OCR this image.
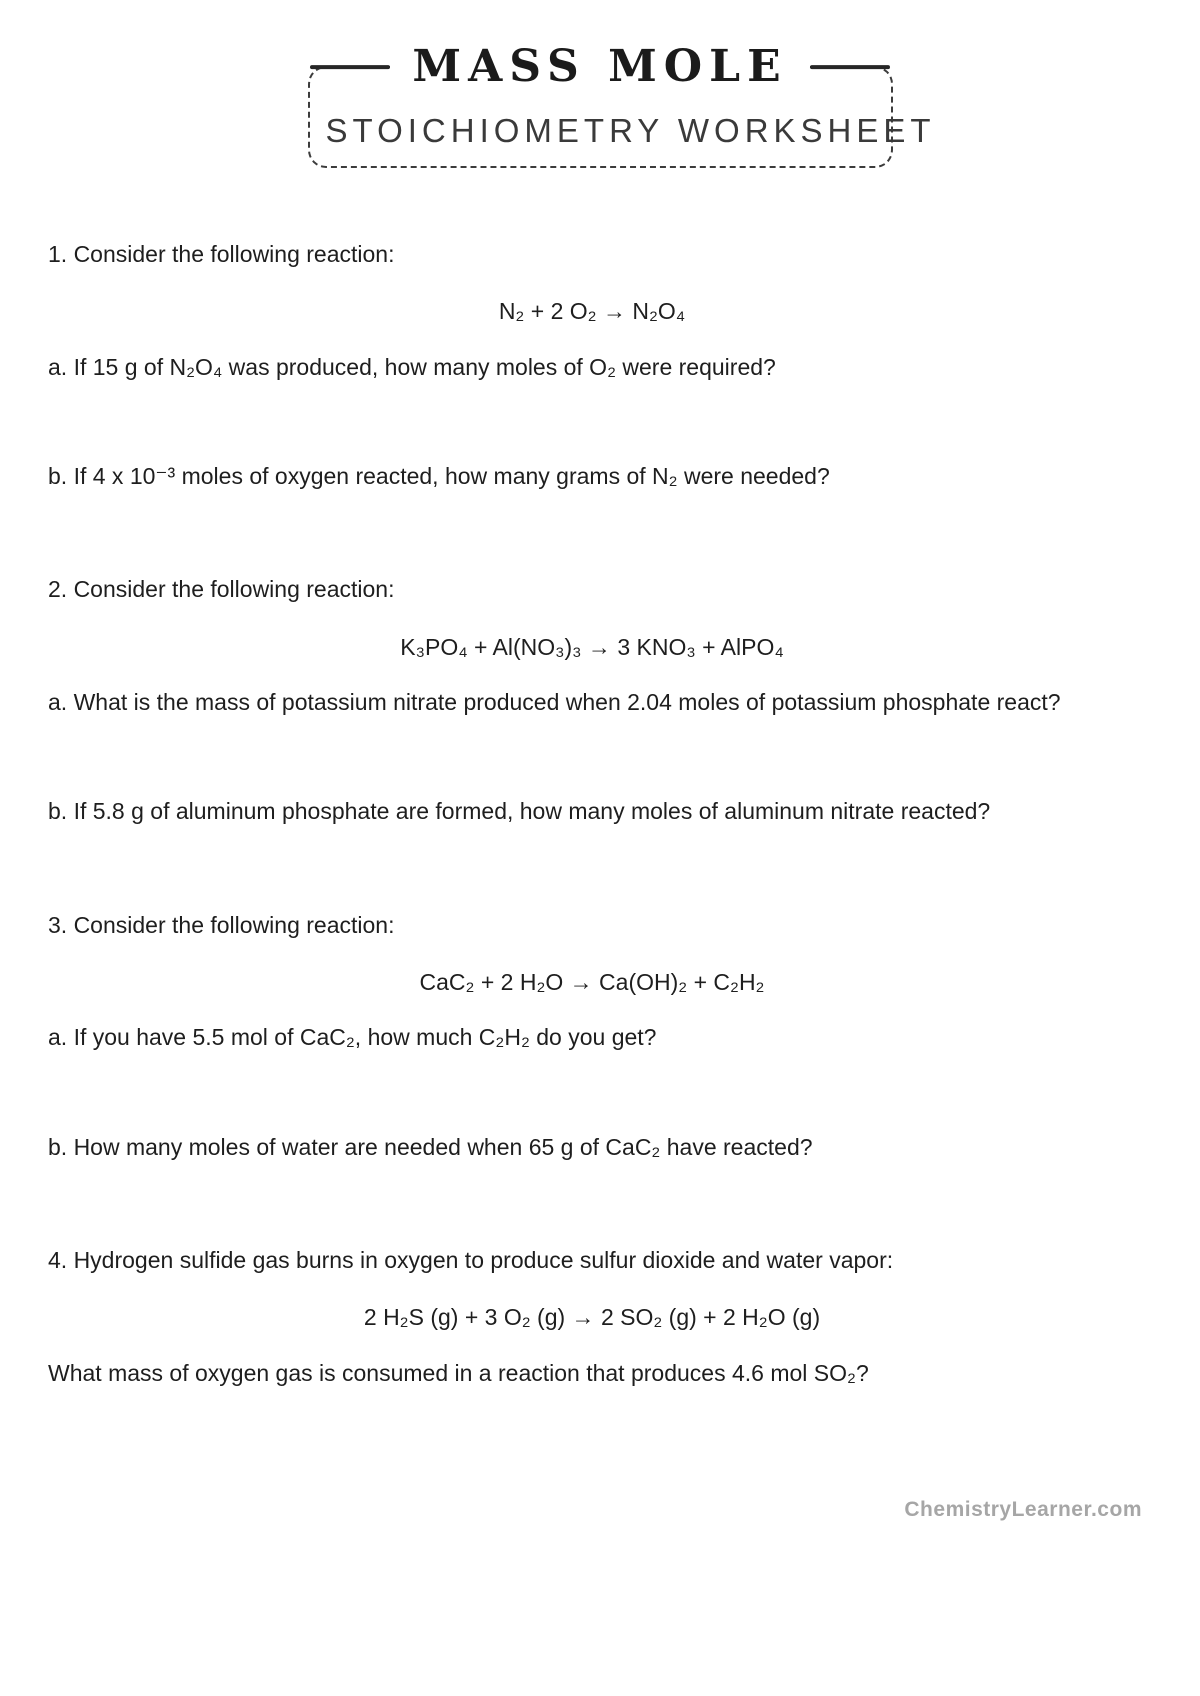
MASS MOLE
STOICHIOMETRY WORKSHEET

1. Consider the following reaction:

N₂ + 2 O₂ → N₂O₄

a. If 15 g of N₂O₄ was produced, how many moles of O₂ were required?

b. If 4 x 10⁻³ moles of oxygen reacted, how many grams of N₂ were needed?

2. Consider the following reaction:

K₃PO₄ + Al(NO₃)₃ → 3 KNO₃ + AlPO₄

a. What is the mass of potassium nitrate produced when 2.04 moles of potassium phosphate react?

b. If 5.8 g of aluminum phosphate are formed, how many moles of aluminum nitrate reacted?

3. Consider the following reaction:

CaC₂ + 2 H₂O → Ca(OH)₂ + C₂H₂

a. If you have 5.5 mol of CaC₂, how much C₂H₂ do you get?

b. How many moles of water are needed when 65 g of CaC₂ have reacted?

4. Hydrogen sulfide gas burns in oxygen to produce sulfur dioxide and water vapor:

2 H₂S (g) + 3 O₂ (g) → 2 SO₂ (g) + 2 H₂O (g)

What mass of oxygen gas is consumed in a reaction that produces 4.6 mol SO₂?

ChemistryLearner.com
